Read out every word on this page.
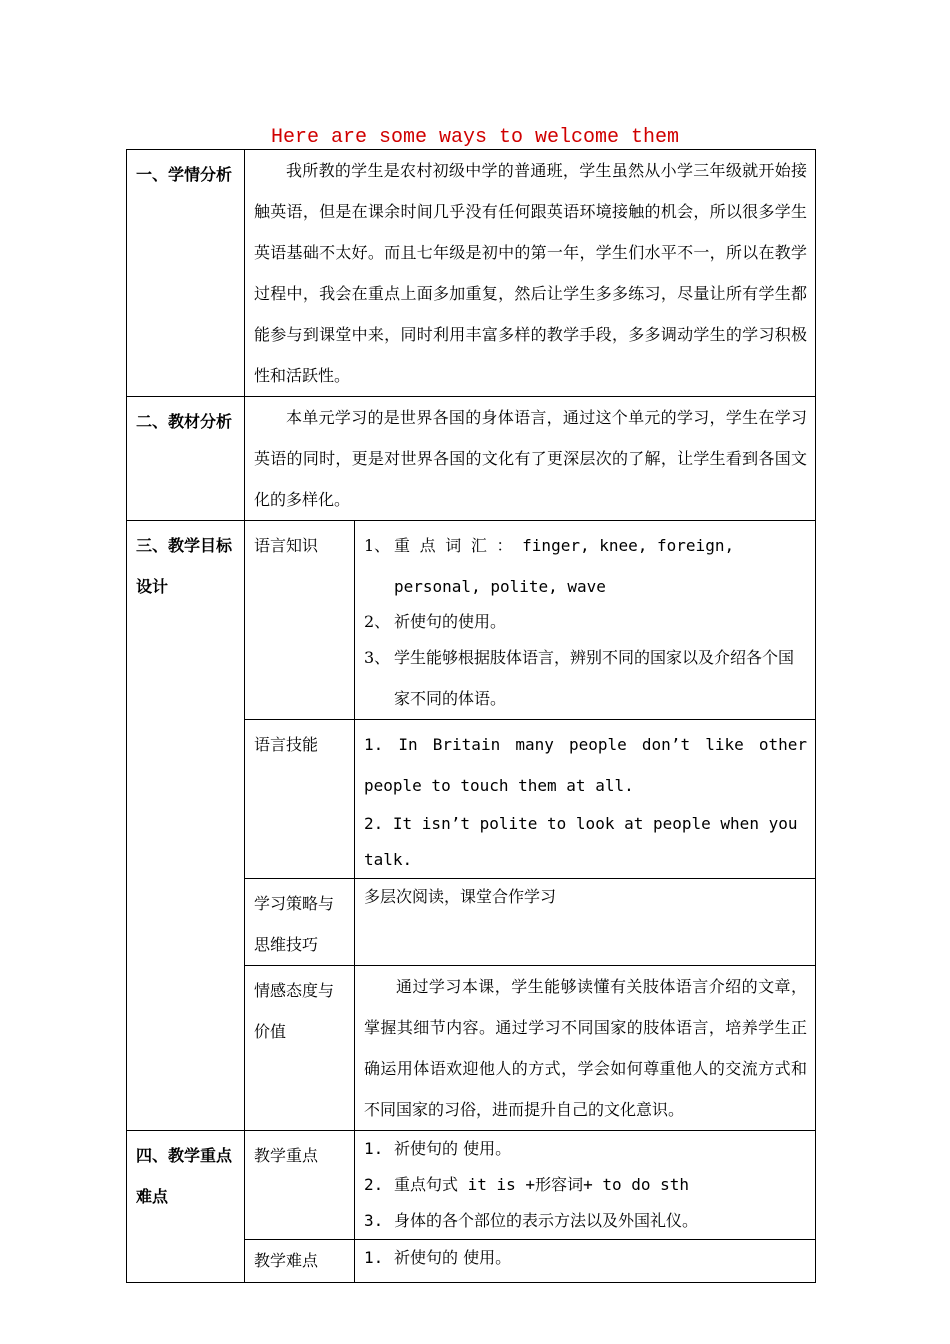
Here are some ways to welcome them
一、学情分析	我所教的学生是农村初级中学的普通班，学生虽然从小学三年级就开始接触英语，但是在课余时间几乎没有任何跟英语环境接触的机会，所以很多学生英语基础不太好。而且七年级是初中的第一年，学生们水平不一，所以在教学过程中，我会在重点上面多加重复，然后让学生多多练习，尽量让所有学生都能参与到课堂中来，同时利用丰富多样的教学手段，多多调动学生的学习积极性和活跃性。	

二、教材分析	本单元学习的是世界各国的身体语言，通过这个单元的学习，学生在学习英语的同时，更是对世界各国的文化有了更深层次的了解，让学生看到各国文化的多样化。	

三、教学目标设计	语言知识	1、 重 点 词 汇 ： finger, knee, foreign, personal, polite, wave
2、 祈使句的使用。
3、 学生能够根据肢体语言，辨别不同的国家以及介绍各个国家不同的体语。

	语言技能	1. In Britain many people don’t like other people to touch them at all.
2. It isn’t polite to look at people when you talk.

	学习策略与思维技巧	多层次阅读，课堂合作学习
	情感态度与价值	通过学习本课，学生能够读懂有关肢体语言介绍的文章，掌握其细节内容。通过学习不同国家的肢体语言，培养学生正确运用体语欢迎他人的方式，学会如何尊重他人的交流方式和不同国家的习俗，进而提升自己的文化意识。

四、教学重点难点	教学重点	1. 祈使句的 使用。
2. 重点句式 it is +形容词+ to do sth
3. 身体的各个部位的表示方法以及外国礼仪。

	教学难点	1. 祈使句的 使用。
